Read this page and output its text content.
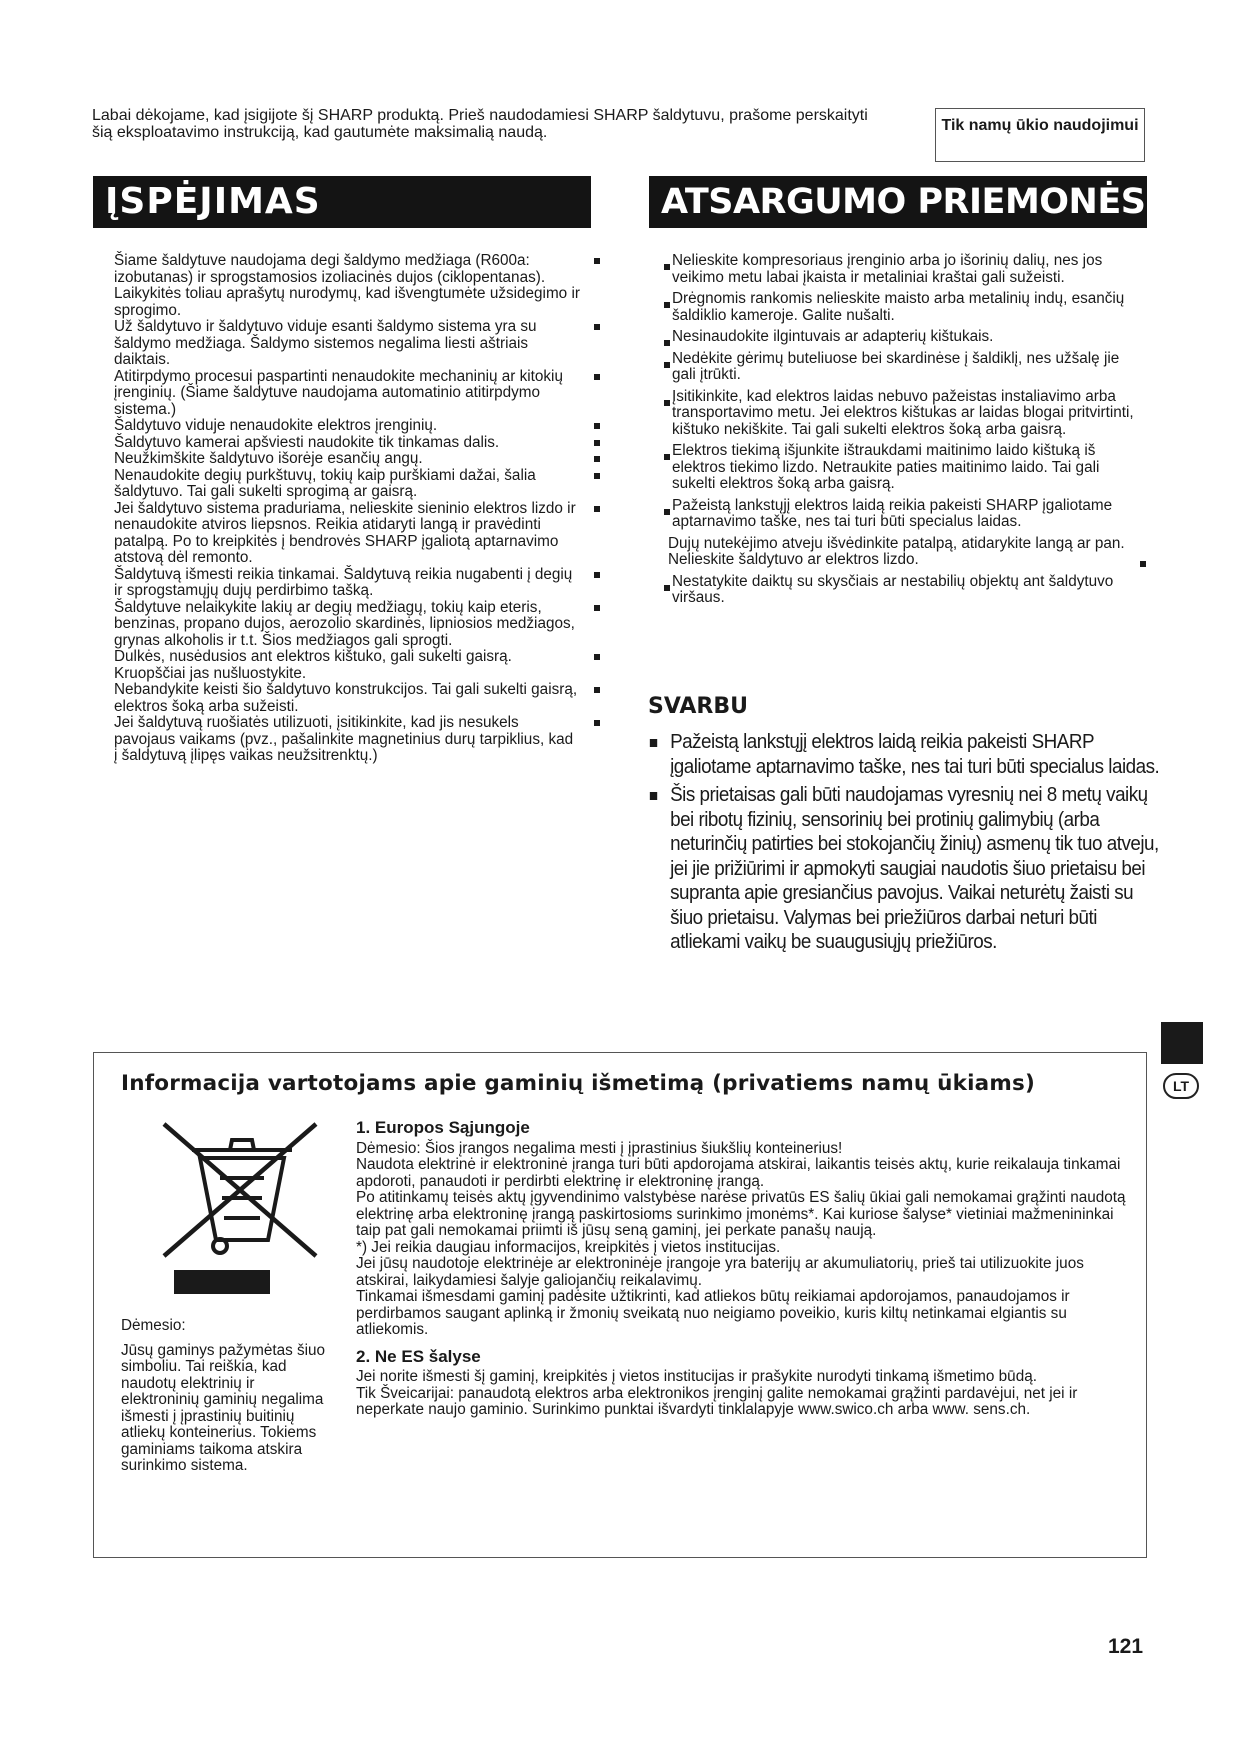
Labai dėkojame, kad įsigijote šį SHARP produktą. Prieš naudodamiesi SHARP šaldytuvu, prašome perskaityti šią eksploatavimo instrukciją, kad gautumėte maksimalią naudą.	Tik namų ūkio naudojimui
ĮSPĖJIMAS	ATSARGUMO PRIEMONĖS

Šiame šaldytuve naudojama degi šaldymo medžiaga (R600a: izobutanas) ir sprogstamosios izoliacinės dujos (ciklopentanas). Laikykitės toliau aprašytų nurodymų, kad išvengtumėte užsidegimo ir sprogimo.

Už šaldytuvo ir šaldytuvo viduje esanti šaldymo sistema yra su šaldymo medžiaga. Šaldymo sistemos negalima liesti aštriais daiktais.

Atitirpdymo procesui paspartinti nenaudokite mechaninių ar kitokių įrenginių. (Šiame šaldytuve naudojama automatinio atitirpdymo sistema.)

Šaldytuvo viduje nenaudokite elektros įrenginių.

Šaldytuvo kamerai apšviesti naudokite tik tinkamas dalis.

Neužkimškite šaldytuvo išorėje esančių angų.

Nenaudokite degių purkštuvų, tokių kaip purškiami dažai, šalia šaldytuvo. Tai gali sukelti sprogimą ar gaisrą.

Jei šaldytuvo sistema praduriama, nelieskite sieninio elektros lizdo ir nenaudokite atviros liepsnos. Reikia atidaryti langą ir pravėdinti patalpą. Po to kreipkitės į bendrovės SHARP įgaliotą aptarnavimo atstovą dėl remonto.

Šaldytuvą išmesti reikia tinkamai. Šaldytuvą reikia nugabenti į degių ir sprogstamųjų dujų perdirbimo tašką.

Šaldytuve nelaikykite lakių ar degių medžiagų, tokių kaip eteris, benzinas, propano dujos, aerozolio skardinės, lipniosios medžiagos, grynas alkoholis ir t.t. Šios medžiagos gali sprogti.

Dulkės, nusėdusios ant elektros kištuko, gali sukelti gaisrą. Kruopščiai jas nušluostykite.

Nebandykite keisti šio šaldytuvo konstrukcijos. Tai gali sukelti gaisrą, elektros šoką arba sužeisti.

Jei šaldytuvą ruošiatės utilizuoti, įsitikinkite, kad jis nesukels pavojaus vaikams (pvz., pašalinkite magnetinius durų tarpiklius, kad į šaldytuvą įlipęs vaikas neužsitrenktų.)

Nelieskite kompresoriaus įrenginio arba jo išorinių dalių, nes jos veikimo metu labai įkaista ir metaliniai kraštai gali sužeisti.

Drėgnomis rankomis nelieskite maisto arba metalinių indų, esančių šaldiklio kameroje. Galite nušalti.

Nesinaudokite ilgintuvais ar adapterių kištukais.

Nedėkite gėrimų buteliuose bei skardinėse į šaldiklį, nes užšalę jie gali įtrūkti.

Įsitikinkite, kad elektros laidas nebuvo pažeistas instaliavimo arba transportavimo metu. Jei elektros kištukas ar laidas blogai pritvirtinti, kištuko nekiškite. Tai gali sukelti elektros šoką arba gaisrą.

Elektros tiekimą išjunkite ištraukdami maitinimo laido kištuką iš elektros tiekimo lizdo. Netraukite paties maitinimo laido. Tai gali sukelti elektros šoką arba gaisrą.

Pažeistą lankstųjį elektros laidą reikia pakeisti SHARP įgaliotame aptarnavimo taške, nes tai turi būti specialus laidas.

Dujų nutekėjimo atveju išvėdinkite patalpą, atidarykite langą ar pan. Nelieskite šaldytuvo ar elektros lizdo.

Nestatykite daiktų su skysčiais ar nestabilių objektų ant šaldytuvo viršaus.

SVARBU
Pažeistą lankstųjį elektros laidą reikia pakeisti SHARP įgaliotame aptarnavimo taške, nes tai turi būti specialus laidas.
Šis prietaisas gali būti naudojamas vyresnių nei 8 metų vaikų bei ribotų fizinių, sensorinių bei protinių galimybių (arba neturinčių patirties bei stokojančių žinių) asmenų tik tuo atveju, jei jie prižiūrimi ir apmokyti saugiai naudotis šiuo prietaisu bei supranta apie gresiančius pavojus. Vaikai neturėtų žaisti su šiuo prietaisu. Valymas bei priežiūros darbai neturi būti atliekami vaikų be suaugusiųjų priežiūros.
LT
Informacija vartotojams apie gaminių išmetimą (privatiems namų ūkiams)
Dėmesio:
Jūsų gaminys pažymėtas šiuo simboliu. Tai reiškia, kad naudotų elektrinių ir elektroninių gaminių negalima išmesti į įprastinių buitinių atliekų konteinerius. Tokiems gaminiams taikoma atskira surinkimo sistema.
1. Europos Sąjungoje

Dėmesio: Šios įrangos negalima mesti į įprastinius šiukšlių konteinerius!

Naudota elektrinė ir elektroninė įranga turi būti apdorojama atskirai, laikantis teisės aktų, kurie reikalauja tinkamai apdoroti, panaudoti ir perdirbti elektrinę ir elektroninę įrangą.

Po atitinkamų teisės aktų įgyvendinimo valstybėse narėse privatūs ES šalių ūkiai gali nemokamai grąžinti naudotą elektrinę arba elektroninę įrangą paskirtosioms surinkimo įmonėms*. Kai kuriose šalyse* vietiniai mažmenininkai taip pat gali nemokamai priimti iš jūsų seną gaminį, jei perkate panašų naują.

*) Jei reikia daugiau informacijos, kreipkitės į vietos institucijas.

Jei jūsų naudotoje elektrinėje ar elektroninėje įrangoje yra baterijų ar akumuliatorių, prieš tai utilizuokite juos atskirai, laikydamiesi šalyje galiojančių reikalavimų.

Tinkamai išmesdami gaminį padėsite užtikrinti, kad atliekos būtų reikiamai apdorojamos, panaudojamos ir perdirbamos saugant aplinką ir žmonių sveikatą nuo neigiamo poveikio, kuris kiltų netinkamai elgiantis su atliekomis.

2. Ne ES šalyse

Jei norite išmesti šį gaminį, kreipkitės į vietos institucijas ir prašykite nurodyti tinkamą išmetimo būdą.

Tik Šveicarijai: panaudotą elektros arba elektronikos įrenginį galite nemokamai grąžinti pardavėjui, net jei ir neperkate naujo gaminio. Surinkimo punktai išvardyti tinklalapyje www.swico.ch arba www. sens.ch.

121
